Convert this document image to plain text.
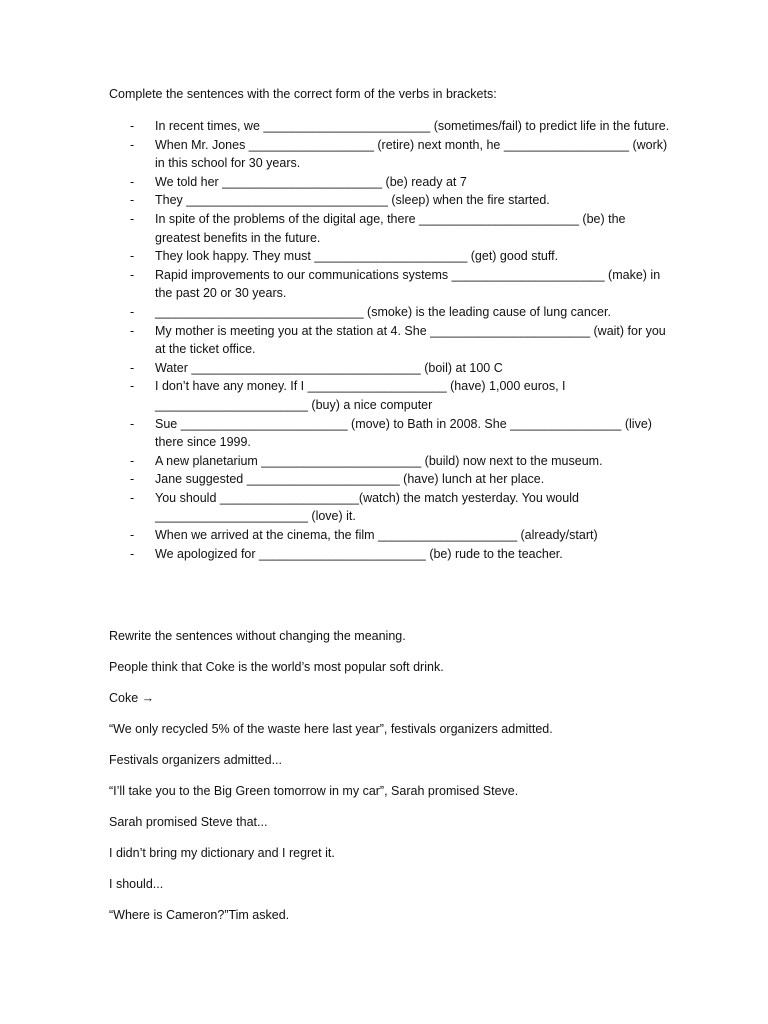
Complete the sentences with the correct form of the verbs in brackets:
- In recent times, we ________________________ (sometimes/fail) to predict life in the future.
- When Mr. Jones __________________ (retire) next month, he __________________ (work) in this school for 30 years.
- We told her _______________________ (be) ready at 7
- They _____________________________ (sleep) when the fire started.
- In spite of the problems of the digital age, there _______________________ (be) the greatest benefits in the future.
- They look happy. They must ______________________ (get) good stuff.
- Rapid improvements to our communications systems ______________________ (make) in the past 20 or 30 years.
- ______________________________ (smoke) is the leading cause of lung cancer.
- My mother is meeting you at the station at 4. She _______________________ (wait) for you at the ticket office.
- Water _________________________________ (boil) at 100 C
- I don’t have any money. If I ____________________ (have) 1,000 euros, I ______________________ (buy) a nice computer
- Sue ________________________ (move) to Bath in 2008. She ________________ (live) there since 1999.
- A new planetarium _______________________ (build) now next to the museum.
- Jane suggested ______________________ (have) lunch at her place.
- You should ____________________(watch) the match yesterday. You would ______________________ (love) it.
- When we arrived at the cinema, the film ____________________ (already/start)
- We apologized for ________________________ (be) rude to the teacher.
Rewrite the sentences without changing the meaning.
People think that Coke is the world’s most popular soft drink.
Coke →
“We only recycled 5% of the waste here last year”, festivals organizers admitted.
Festivals organizers admitted...
“I’ll take you to the Big Green tomorrow in my car”, Sarah promised Steve.
Sarah promised Steve that...
I didn’t bring my dictionary and I regret it.
I should...
“Where is Cameron?”Tim asked.
